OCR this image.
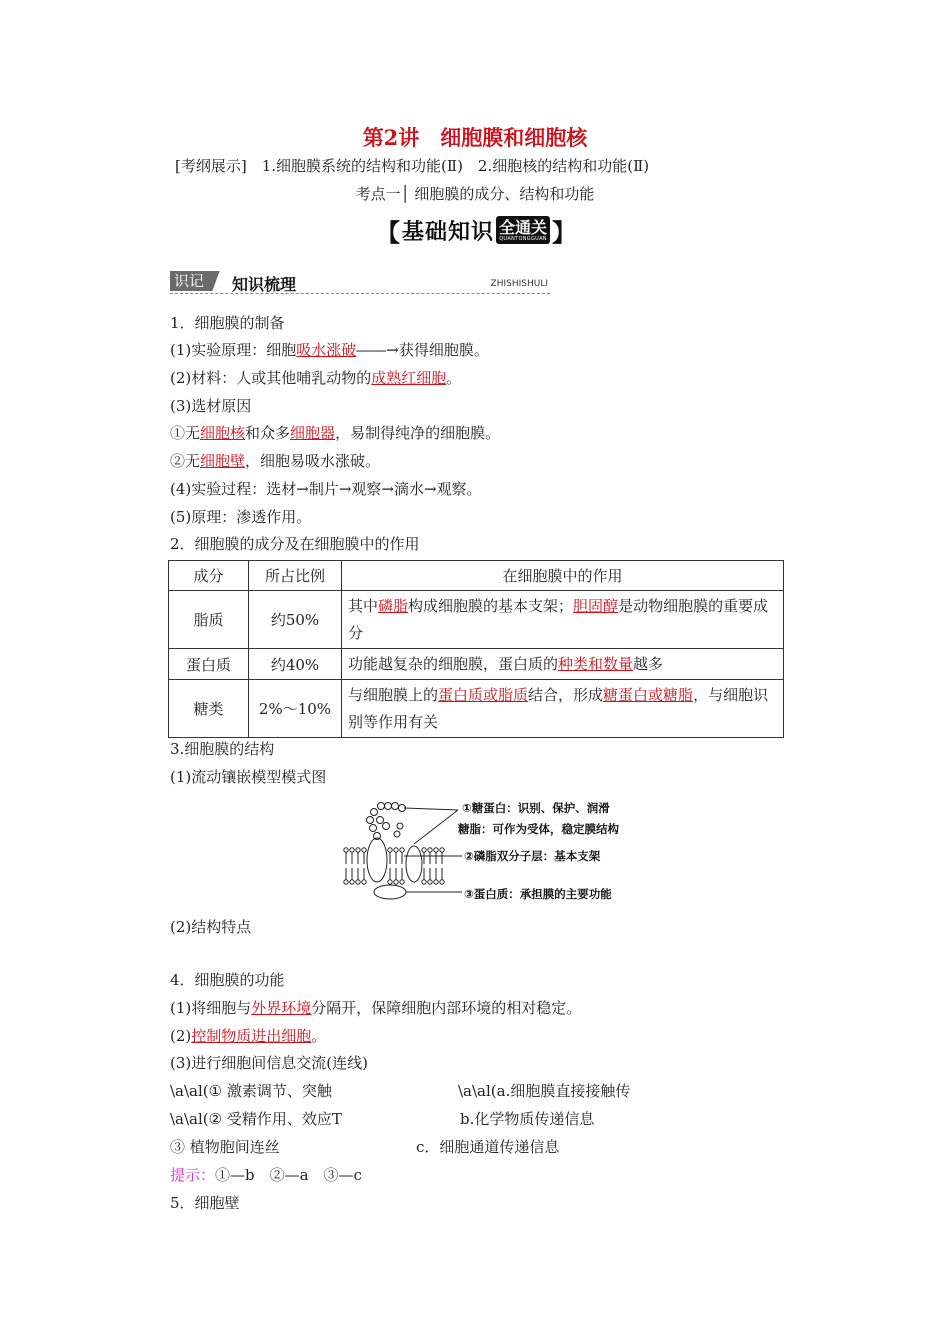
第2讲　细胞膜和细胞核
[考纲展示]　1.细胞膜系统的结构和功能(Ⅱ)　2.细胞核的结构和功能(Ⅱ)
考点一│ 细胞膜的成分、结构和功能
【 基础知识 全通关
QUANTONGGUAN 】
识记	知识梳理	ZHISHISHULI
1．细胞膜的制备
(1)实验原理：细胞吸水涨破――→获得细胞膜。
(2)材料：人或其他哺乳动物的成熟红细胞。
(3)选材原因
①无细胞核和众多细胞器，易制得纯净的细胞膜。
②无细胞壁，细胞易吸水涨破。
(4)实验过程：选材→制片→观察→滴水→观察。
(5)原理：渗透作用。
2．细胞膜的成分及在细胞膜中的作用
成分	所占比例	在细胞膜中的作用
脂质	约50%	其中磷脂构成细胞膜的基本支架；胆固醇是动物细胞膜的重要成分
蛋白质	约40%	功能越复杂的细胞膜，蛋白质的种类和数量越多
糖类	2%～10%	与细胞膜上的蛋白质或脂质结合，形成糖蛋白或糖脂，与细胞识别等作用有关
3.细胞膜的结构
(1)流动镶嵌模型模式图
①糖蛋白：识别、保护、润滑
糖脂：可作为受体，稳定膜结构
②磷脂双分子层：基本支架
③蛋白质：承担膜的主要功能
(2)结构特点
4．细胞膜的功能
(1)将细胞与外界环境分隔开，保障细胞内部环境的相对稳定。
(2)控制物质进出细胞。
(3)进行细胞间信息交流(连线)
\a\al(① 激素调节、突触	\a\al(a.细胞膜直接接触传
\a\al(② 受精作用、效应T	b.化学物质传递信息
③ 植物胞间连丝	c．细胞通道传递信息
提示：①—b　②—a　③—c
5．细胞壁
